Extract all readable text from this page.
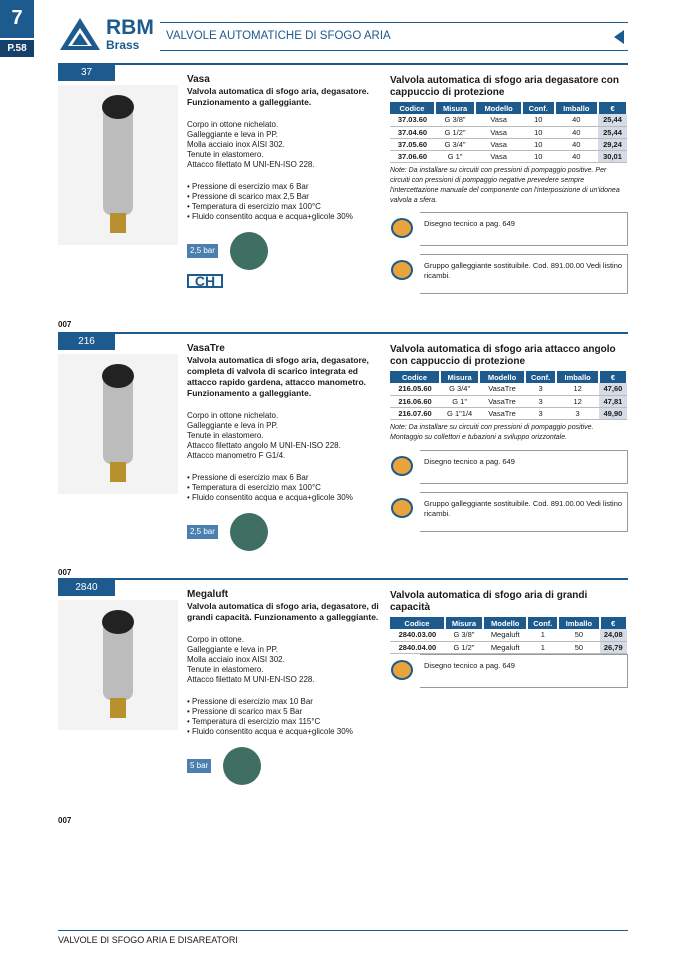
7
P.58
RBM
Brass
VALVOLE AUTOMATICHE DI SFOGO ARIA
37
Vasa
Valvola automatica di sfogo aria, degasatore. Funzionamento a galleggiante.
Corpo in ottone nichelato.
Galleggiante e leva in PP.
Molla acciaio inox AISI 302.
Tenute in elastomero.
Attacco filettato M UNI-EN-ISO 228.
• Pressione di esercizio max 6 Bar
• Pressione di scarico max 2,5 Bar
• Temperatura di esercizio max 100°C
• Fluido consentito acqua e acqua+glicole 30%
2,5 bar
CH
007
Valvola automatica di sfogo aria degasatore con cappuccio di protezione
Codice	Misura	Modello	Conf.	Imballo	€
37.03.60	G 3/8"	Vasa	10	40	25,44
37.04.60	G 1/2"	Vasa	10	40	25,44
37.05.60	G 3/4"	Vasa	10	40	29,24
37.06.60	G 1"	Vasa	10	40	30,01
Note: Da installare su circuiti con pressioni di pompaggio positive. Per circuiti con pressioni di pompaggio negative prevedere sempre l'intercettazione manuale del componente con l'interposizione di un'idonea valvola a sfera.
Disegno tecnico a pag. 649
Gruppo galleggiante sostituibile. Cod. 891.00.00 Vedi listino ricambi.
216
VasaTre
Valvola automatica di sfogo aria, degasatore, completa di valvola di scarico integrata ed attacco rapido gardena, attacco manometro. Funzionamento a galleggiante.
Corpo in ottone nichelato.
Galleggiante e leva in PP.
Tenute in elastomero.
Attacco filettato angolo M UNI-EN-ISO 228.
Attacco manometro F G1/4.
• Pressione di esercizio max 6 Bar
• Temperatura di esercizio max 100°C
• Fluido consentito acqua e acqua+glicole 30%
2,5 bar
007
Valvola automatica di sfogo aria attacco angolo con cappuccio di protezione
Codice	Misura	Modello	Conf.	Imballo	€
216.05.60	G 3/4"	VasaTre	3	12	47,60
216.06.60	G 1"	VasaTre	3	12	47,81
216.07.60	G 1"1/4	VasaTre	3	3	49,90
Note: Da installare su circuiti con pressioni di pompaggio positive. Montaggio su collettori e tubazioni a sviluppo orizzontale.
Disegno tecnico a pag. 649
Gruppo galleggiante sostituibile. Cod. 891.00.00 Vedi listino ricambi.
2840
Megaluft
Valvola automatica di sfogo aria, degasatore, di grandi capacità. Funzionamento a galleggiante.
Corpo in ottone.
Galleggiante e leva in PP.
Molla acciaio inox AISI 302.
Tenute in elastomero.
Attacco filettato M UNI-EN-ISO 228.
• Pressione di esercizio max 10 Bar
• Pressione di scarico max 5 Bar
• Temperatura di esercizio max 115°C
• Fluido consentito acqua e acqua+glicole 30%
5 bar
007
Valvola automatica di sfogo aria di grandi capacità
Codice	Misura	Modello	Conf.	Imballo	€
2840.03.00	G 3/8"	Megaluft	1	50	24,08
2840.04.00	G 1/2"	Megaluft	1	50	26,79
Disegno tecnico a pag. 649
VALVOLE DI SFOGO ARIA E DISAREATORI
